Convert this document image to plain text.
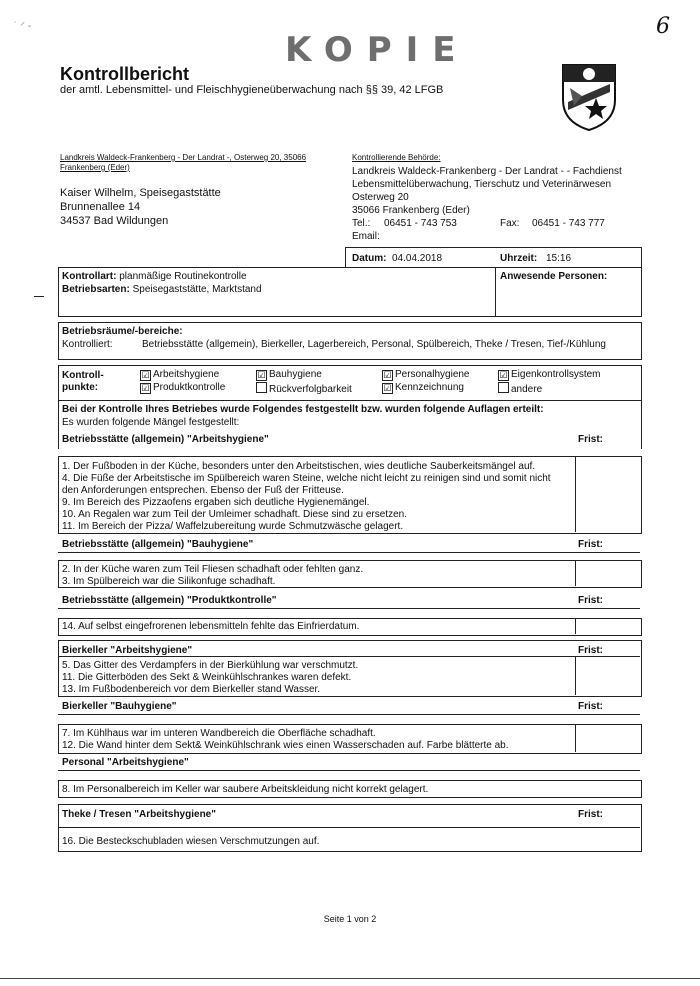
KOPIE
6
˙ ⸍ ‐
Kontrollbericht
der amtl. Lebensmittel- und Fleischhygieneüberwachung nach §§ 39, 42 LFGB
Landkreis Waldeck-Frankenberg - Der Landrat -, Osterweg 20, 35066
Frankenberg (Eder)
Kaiser Wilhelm, Speisegaststätte
Brunnenallee 14
34537 Bad Wildungen
Kontrollierende Behörde:
Landkreis Waldeck-Frankenberg - Der Landrat - - Fachdienst
Lebensmittelüberwachung, Tierschutz und Veterinärwesen
Osterweg 20
35066 Frankenberg (Eder)
Tel.: 06451 - 743 753	Fax: 06451 - 743 777
Email:
Datum: 04.04.2018	Uhrzeit: 15:16
Kontrollart: planmäßige Routinekontrolle
Betriebsarten: Speisegaststätte, Marktstand
Anwesende Personen:
Betriebsräume/-bereiche:
Kontrolliert:	Betriebsstätte (allgemein), Bierkeller, Lagerbereich, Personal, Spülbereich, Theke / Tresen, Tief-/Kühlung
Kontroll-
punkte:
☑ Arbeitshygiene	☑ Bauhygiene	☑ Personalhygiene	☑ Eigenkontrollsystem
☑ Produktkontrolle	Rückverfolgbarkeit	☑ Kennzeichnung	andere
Bei der Kontrolle Ihres Betriebes wurde Folgendes festgestellt bzw. wurden folgende Auflagen erteilt:
Es wurden folgende Mängel festgestellt:
Betriebsstätte (allgemein) "Arbeitshygiene"	Frist:
1. Der Fußboden in der Küche, besonders unter den Arbeitstischen, wies deutliche Sauberkeitsmängel auf.
4. Die Füße der Arbeitstische im Spülbereich waren Steine, welche nicht leicht zu reinigen sind und somit nicht
den Anforderungen entsprechen. Ebenso der Fuß der Fritteuse.
9. Im Bereich des Pizzaofens ergaben sich deutliche Hygienemängel.
10. An Regalen war zum Teil der Umleimer schadhaft. Diese sind zu ersetzen.
11. Im Bereich der Pizza/ Waffelzubereitung wurde Schmutzwäsche gelagert.
Betriebsstätte (allgemein) "Bauhygiene"	Frist:
2. In der Küche waren zum Teil Fliesen schadhaft oder fehlten ganz.
3. Im Spülbereich war die Silikonfuge schadhaft.
Betriebsstätte (allgemein) "Produktkontrolle"	Frist:
14. Auf selbst eingefrorenen lebensmitteln fehlte das Einfrierdatum.
Bierkeller "Arbeitshygiene"	Frist:
5. Das Gitter des Verdampfers in der Bierkühlung war verschmutzt.
11. Die Gitterböden des Sekt & Weinkühlschrankes waren defekt.
13. Im Fußbodenbereich vor dem Bierkeller stand Wasser.
Bierkeller "Bauhygiene"	Frist:
7. Im Kühlhaus war im unteren Wandbereich die Oberfläche schadhaft.
12. Die Wand hinter dem Sekt& Weinkühlschrank wies einen Wasserschaden auf. Farbe blätterte ab.
Personal "Arbeitshygiene"
8. Im Personalbereich im Keller war saubere Arbeitskleidung nicht korrekt gelagert.
Theke / Tresen "Arbeitshygiene"	Frist:
16. Die Besteckschubladen wiesen Verschmutzungen auf.
Seite 1 von 2
